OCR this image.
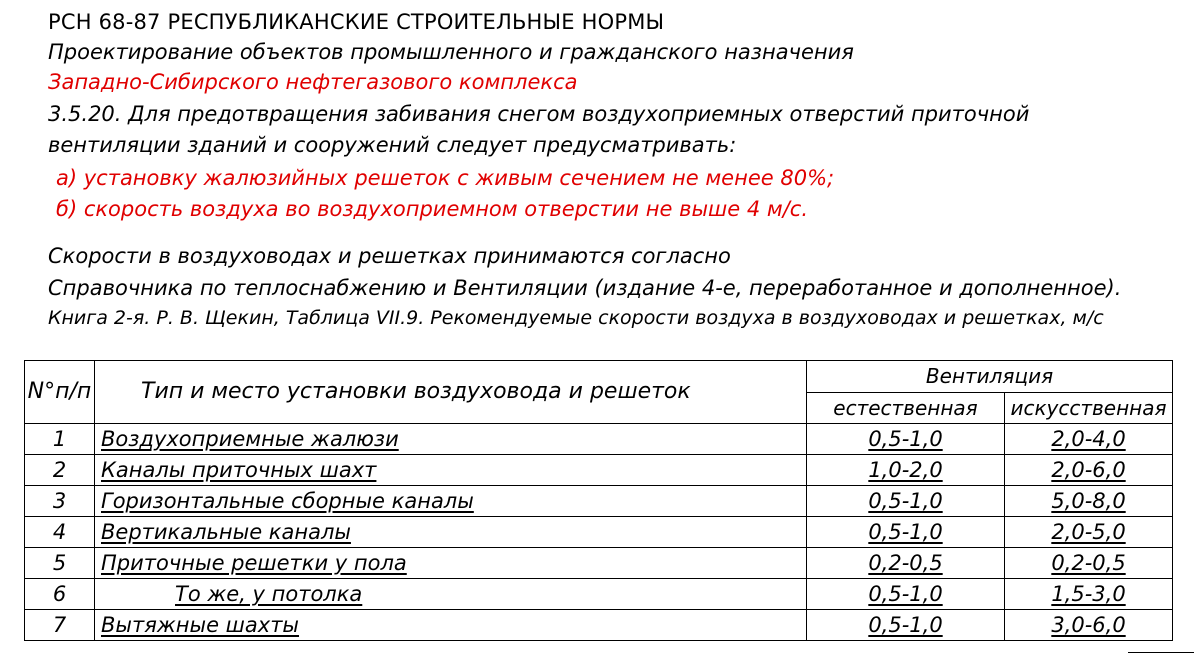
РСН 68-87 РЕСПУБЛИКАНСКИЕ СТРОИТЕЛЬНЫЕ НОРМЫ
Проектирование объектов промышленного и гражданского назначения
Западно-Сибирского нефтегазового комплекса
3.5.20. Для предотвращения забивания снегом воздухоприемных отверстий приточной
вентиляции зданий и сооружений следует предусматривать:
а) установку жалюзийных решеток с живым сечением не менее 80%;
б) скорость воздуха во воздухоприемном отверстии не выше 4 м/с.
Скорости в воздуховодах и решетках принимаются согласно
Справочника по теплоснабжению и Вентиляции (издание 4-е, переработанное и дополненное).
Книга 2-я. Р. В. Щекин, Таблица VII.9. Рекомендуемые скорости воздуха в воздуховодах и решетках, м/с
N°п/п	Тип и место установки воздуховода и решеток	Вентиляция	
		естественная	искусственная
1	Воздухоприемные жалюзи	0,5-1,0	2,0-4,0
2	Каналы приточных шахт	1,0-2,0	2,0-6,0
3	Горизонтальные сборные каналы	0,5-1,0	5,0-8,0
4	Вертикальные каналы	0,5-1,0	2,0-5,0
5	Приточные решетки у пола	0,2-0,5	0,2-0,5
6	То же, у потолка	0,5-1,0	1,5-3,0
7	Вытяжные шахты	0,5-1,0	3,0-6,0
